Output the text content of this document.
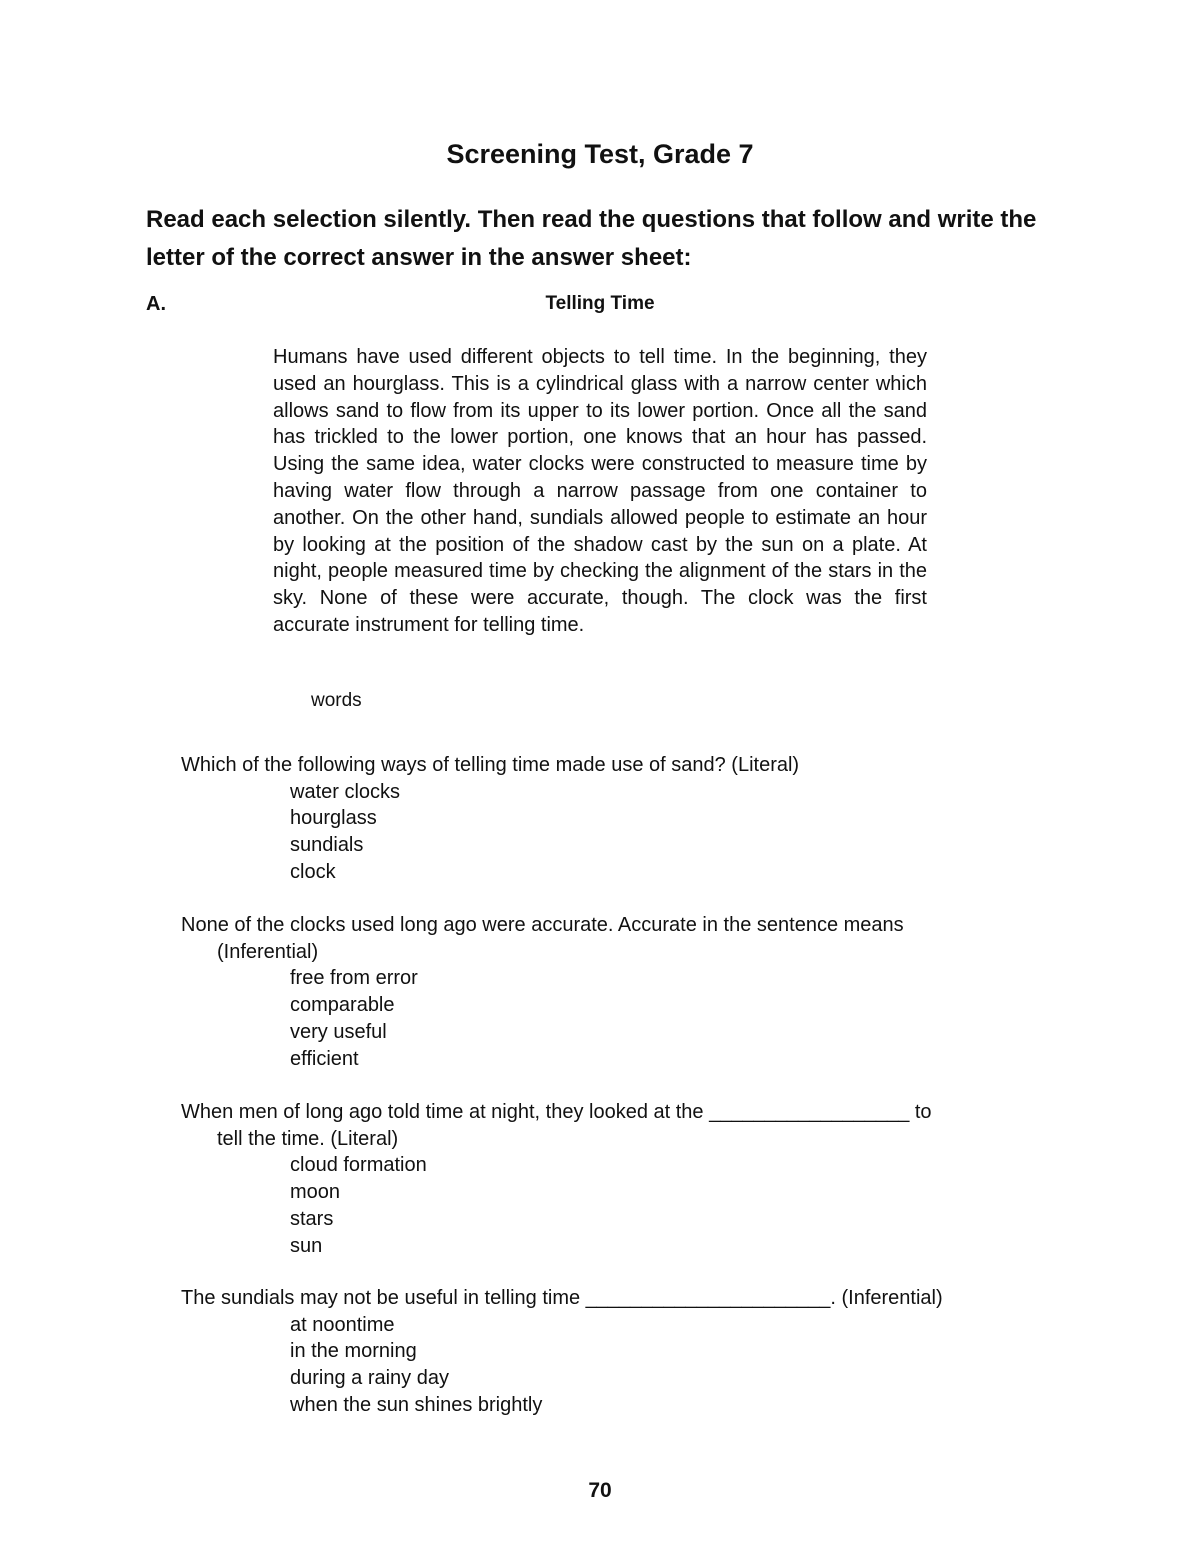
Screening Test, Grade 7

Read each selection silently. Then read the questions that follow and write the letter of the correct answer in the answer sheet:

A.	Telling Time

Humans have used different objects to tell time. In the beginning, they used an hourglass. This is a cylindrical glass with a narrow center which allows sand to flow from its upper to its lower portion. Once all the sand has trickled to the lower portion, one knows that an hour has passed. Using the same idea, water clocks were constructed to measure time by having water flow through a narrow passage from one container to another. On the other hand, sundials allowed people to estimate an hour by looking at the position of the shadow cast by the sun on a plate. At night, people measured time by checking the alignment of the stars in the sky. None of these were accurate, though. The clock was the first accurate instrument for telling time.

words

Which of the following ways of telling time made use of sand? (Literal)

water clocks
hourglass
sundials
clock

None of the clocks used long ago were accurate. Accurate in the sentence means
(Inferential)

free from error
comparable
very useful
efficient

When men of long ago told time at night, they looked at the __________________ to
tell the time. (Literal)

cloud formation
moon
stars
sun

The sundials may not be useful in telling time ______________________. (Inferential)

at noontime
in the morning
during a rainy day
when the sun shines brightly
70
